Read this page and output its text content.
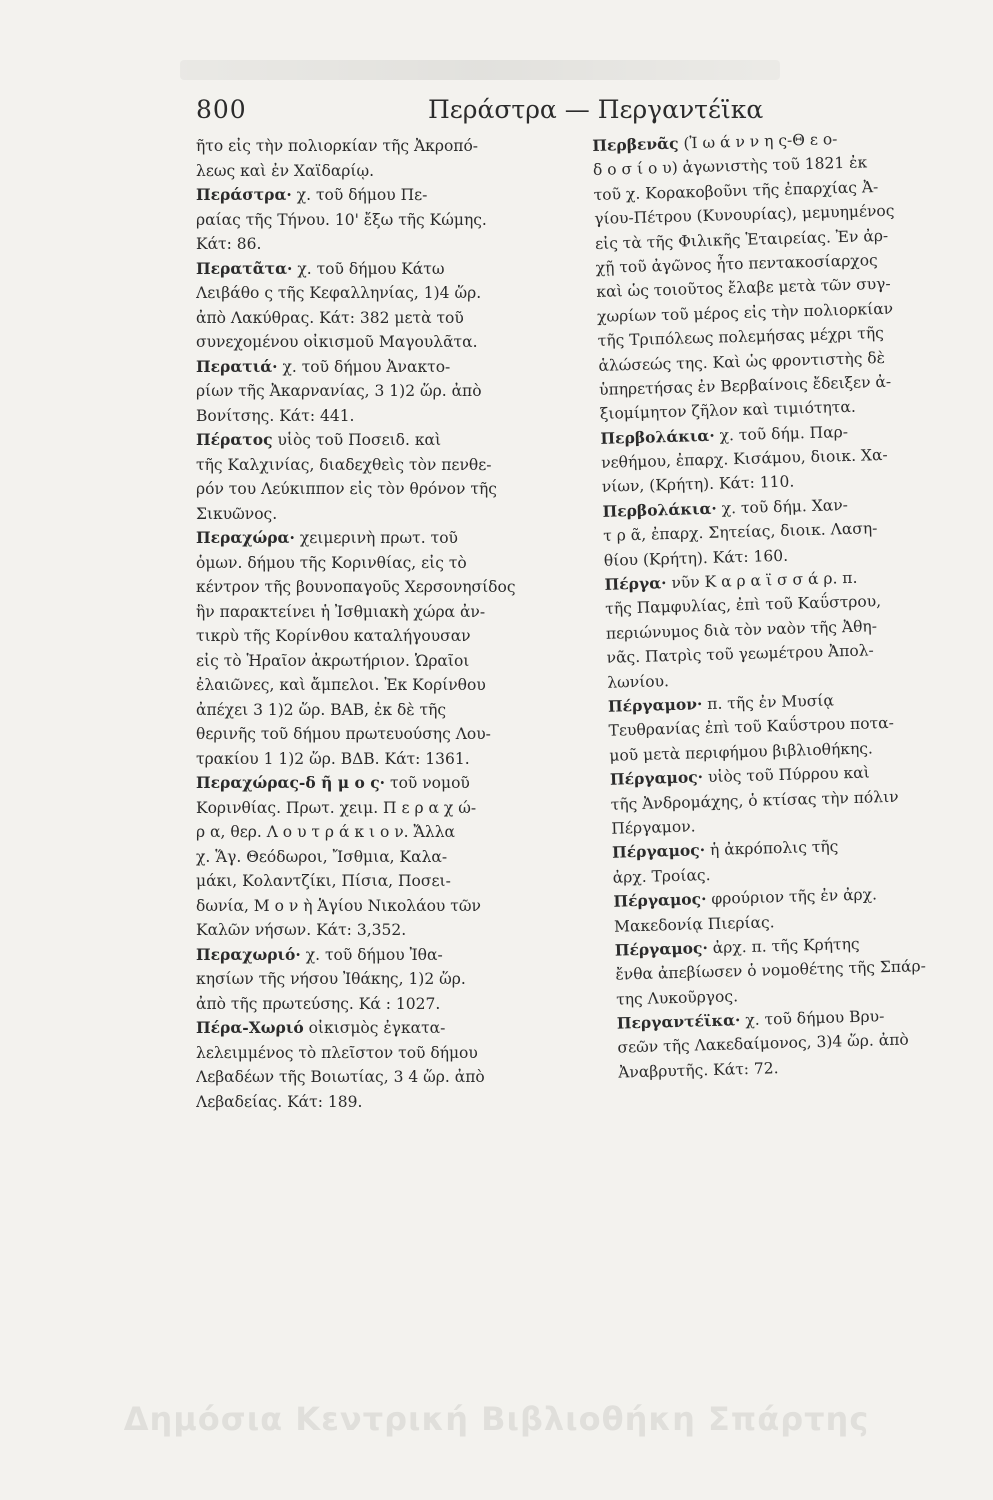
800	Περάστρα — Περγαντέϊκα
ῆτο εἰς τὴν πολιορκίαν τῆς Ἀκροπό-
λεως καὶ ἐν Χαϊδαρίῳ.
Περάστρα· χ. τοῦ δήμου Πε-
ραίας τῆς Τήνου. 10' ἔξω τῆς Κώμης.
Κάτ: 86.
Περατᾶτα· χ. τοῦ δήμου Κάτω
Λειβάθο ς τῆς Κεφαλληνίας, 1)4 ὥρ.
ἀπὸ Λακύθρας. Κάτ: 382 μετὰ τοῦ
συνεχομένου οἰκισμοῦ Μαγουλᾶτα.
Περατιά· χ. τοῦ δήμου Ἀνακτο-
ρίων τῆς Ἀκαρνανίας, 3 1)2 ὥρ. ἀπὸ
Βονίτσης. Κάτ: 441.
Πέρατος υἱὸς τοῦ Ποσειδ. καὶ
τῆς Καλχινίας, διαδεχθεὶς τὸν πενθε-
ρόν του Λεύκιππον εἰς τὸν θρόνον τῆς
Σικυῶνος.
Περαχώρα· χειμερινὴ πρωτ. τοῦ
ὁμων. δήμου τῆς Κορινθίας, εἰς τὸ
κέντρον τῆς βουνοπαγοῦς Χερσονησίδος
ἣν παρακτείνει ἡ Ἰσθμιακὴ χώρα ἀν-
τικρὺ τῆς Κορίνθου καταλήγουσαν
εἰς τὸ Ἡραῖον ἀκρωτήριον. Ὡραῖοι
ἐλαιῶνες, καὶ ἄμπελοι. Ἐκ Κορίνθου
ἀπέχει 3 1)2 ὥρ. ΒΑΒ, ἐκ δὲ τῆς
θερινῆς τοῦ δήμου πρωτευούσης Λου-
τρακίου 1 1)2 ὥρ. ΒΔΒ. Κάτ: 1361.
Περαχώρας-δ ῆ μ ο ς· τοῦ νομοῦ
Κορινθίας. Πρωτ. χειμ. Π ε ρ α χ ώ-
ρ α, θερ. Λ ο υ τ ρ ά κ ι ο ν. Ἄλλα
χ. Ἅγ. Θεόδωροι, Ἴσθμια, Καλα-
μάκι, Κολαντζίκι, Πίσια, Ποσει-
δωνία, Μ ο ν ὴ Ἁγίου Νικολάου τῶν
Καλῶν νήσων. Κάτ: 3,352.
Περαχωριό· χ. τοῦ δήμου Ἰθα-
κησίων τῆς νήσου Ἰθάκης, 1)2 ὥρ.
ἀπὸ τῆς πρωτεύσης. Κά : 1027.
Πέρα-Χωριό οἰκισμὸς ἐγκατα-
λελειμμένος τὸ πλεῖστον τοῦ δήμου
Λεβαδέων τῆς Βοιωτίας, 3 4 ὥρ. ἀπὸ
Λεβαδείας. Κάτ: 189.
Περβενᾶς (Ἰ ω ά ν ν η ς-Θ ε ο-
δ ο σ ί ο υ) ἀγωνιστὴς τοῦ 1821 ἐκ
τοῦ χ. Κορακοβοῦνι τῆς ἐπαρχίας Ἀ-
γίου-Πέτρου (Κυνουρίας), μεμυημένος
εἰς τὰ τῆς Φιλικῆς Ἑταιρείας. Ἐν ἀρ-
χῇ τοῦ ἀγῶνος ἦτο πεντακοσίαρχος
καὶ ὡς τοιοῦτος ἔλαβε μετὰ τῶν συγ-
χωρίων τοῦ μέρος εἰς τὴν πολιορκίαν
τῆς Τριπόλεως πολεμήσας μέχρι τῆς
ἁλώσεώς της. Καὶ ὡς φροντιστὴς δὲ
ὑπηρετήσας ἐν Βερβαίνοις ἔδειξεν ἀ-
ξιομίμητον ζῆλον καὶ τιμιότητα.
Περβολάκια· χ. τοῦ δήμ. Παρ-
νεθήμου, ἐπαρχ. Κισάμου, διοικ. Χα-
νίων, (Κρήτη). Κάτ: 110.
Περβολάκια· χ. τοῦ δήμ. Χαν-
τ ρ ᾶ, ἐπαρχ. Σητείας, διοικ. Λαση-
θίου (Κρήτη). Κάτ: 160.
Πέργα· νῦν Κ α ρ α ϊ σ σ ά ρ. π.
τῆς Παμφυλίας, ἐπὶ τοῦ Καΰστρου,
περιώνυμος διὰ τὸν ναὸν τῆς Ἀθη-
νᾶς. Πατρὶς τοῦ γεωμέτρου Ἀπολ-
λωνίου.
Πέργαμον· π. τῆς ἐν Μυσίᾳ
Τευθρανίας ἐπὶ τοῦ Καΰστρου ποτα-
μοῦ μετὰ περιφήμου βιβλιοθήκης.
Πέργαμος· υἱὸς τοῦ Πύρρου καὶ
τῆς Ἀνδρομάχης, ὁ κτίσας τὴν πόλιν
Πέργαμον.
Πέργαμος· ἡ ἀκρόπολις τῆς
ἀρχ. Τροίας.
Πέργαμος· φρούριον τῆς ἐν ἀρχ.
Μακεδονίᾳ Πιερίας.
Πέργαμος· ἀρχ. π. τῆς Κρήτης
ἔνθα ἀπεβίωσεν ὁ νομοθέτης τῆς Σπάρ-
της Λυκοῦργος.
Περγαντέϊκα· χ. τοῦ δήμου Βρυ-
σεῶν τῆς Λακεδαίμονος, 3)4 ὥρ. ἀπὸ
Ἀναβρυτῆς. Κάτ: 72.
Δημόσια Κεντρική Βιβλιοθήκη Σπάρτης
